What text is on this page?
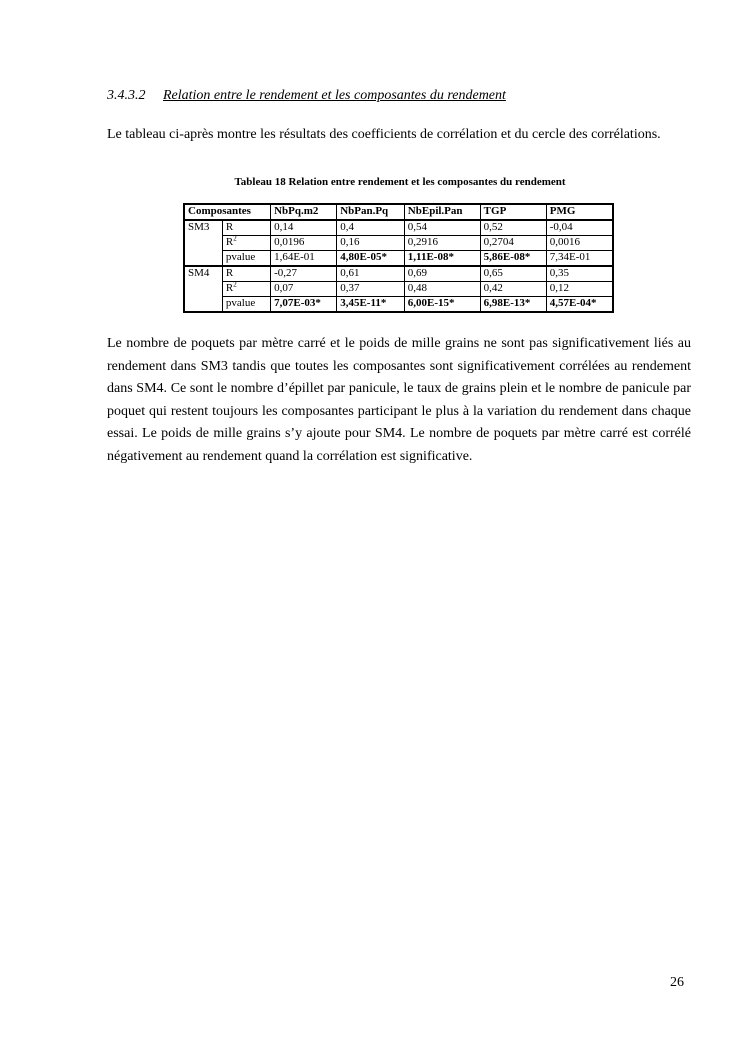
3.4.3.2 Relation entre le rendement et les composantes du rendement
Le tableau ci-après montre les résultats des coefficients de corrélation et du cercle des corrélations.
Tableau 18 Relation entre rendement et les composantes du rendement
Composantes		NbPq.m2	NbPan.Pq	NbEpil.Pan	TGP	PMG
SM3	R	0,14	0,4	0,54	0,52	-0,04
	$R^2$	0,0196	0,16	0,2916	0,2704	0,0016
	pvalue	1,64E-01	4,80E-05*	1,11E-08*	5,86E-08*	7,34E-01
SM4	R	-0,27	0,61	0,69	0,65	0,35
	$R^2$	0,07	0,37	0,48	0,42	0,12
	pvalue	7,07E-03*	3,45E-11*	6,00E-15*	6,98E-13*	4,57E-04*
Le nombre de poquets par mètre carré et le poids de mille grains ne sont pas significativement liés au rendement dans SM3 tandis que toutes les composantes sont significativement corrélées au rendement dans SM4. Ce sont le nombre d’épillet par panicule, le taux de grains plein et le nombre de panicule par poquet qui restent toujours les composantes participant le plus à la variation du rendement dans chaque essai. Le poids de mille grains s’y ajoute pour SM4. Le nombre de poquets par mètre carré est corrélé négativement au rendement quand la corrélation est significative.
26
